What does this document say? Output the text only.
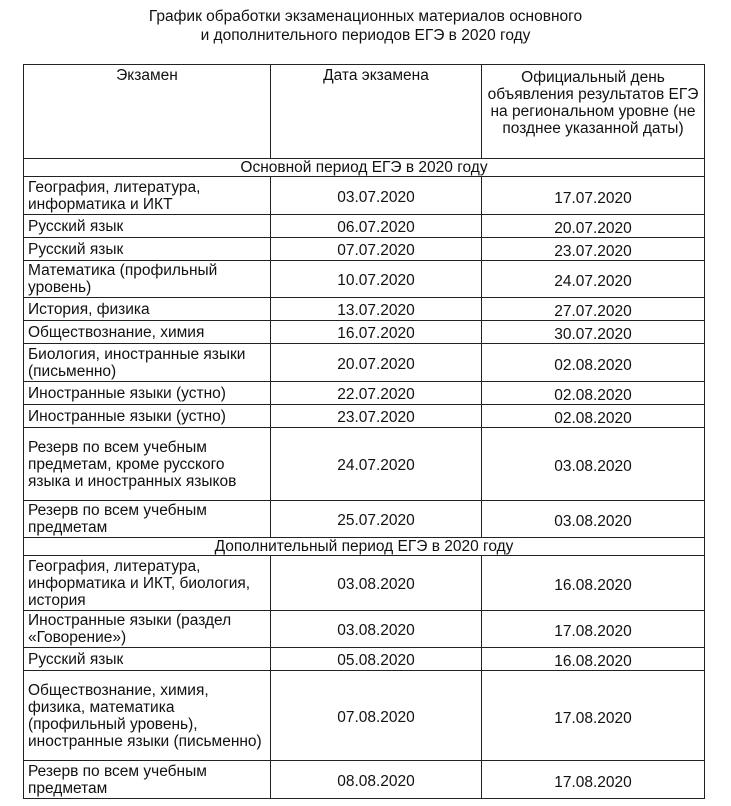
График обработки экзаменационных материалов основного
и дополнительного периодов ЕГЭ в 2020 году
Экзамен	Дата экзамена	Официальный день объявления результатов ЕГЭ на региональном уровне (не позднее указанной даты)
Основной период ЕГЭ в 2020 году		
География, литература, информатика и ИКТ	03.07.2020	17.07.2020
Русский язык	06.07.2020	20.07.2020
Русский язык	07.07.2020	23.07.2020
Математика (профильный уровень)	10.07.2020	24.07.2020
История, физика	13.07.2020	27.07.2020
Обществознание, химия	16.07.2020	30.07.2020
Биология, иностранные языки (письменно)	20.07.2020	02.08.2020
Иностранные языки (устно)	22.07.2020	02.08.2020
Иностранные языки (устно)	23.07.2020	02.08.2020
Резерв по всем учебным предметам, кроме русского языка и иностранных языков	24.07.2020	03.08.2020
Резерв по всем учебным предметам	25.07.2020	03.08.2020
Дополнительный период ЕГЭ в 2020 году		
География, литература, информатика и ИКТ, биология, история	03.08.2020	16.08.2020
Иностранные языки (раздел «Говорение»)	03.08.2020	17.08.2020
Русский язык	05.08.2020	16.08.2020
Обществознание, химия, физика, математика (профильный уровень), иностранные языки (письменно)	07.08.2020	17.08.2020
Резерв по всем учебным предметам	08.08.2020	17.08.2020
